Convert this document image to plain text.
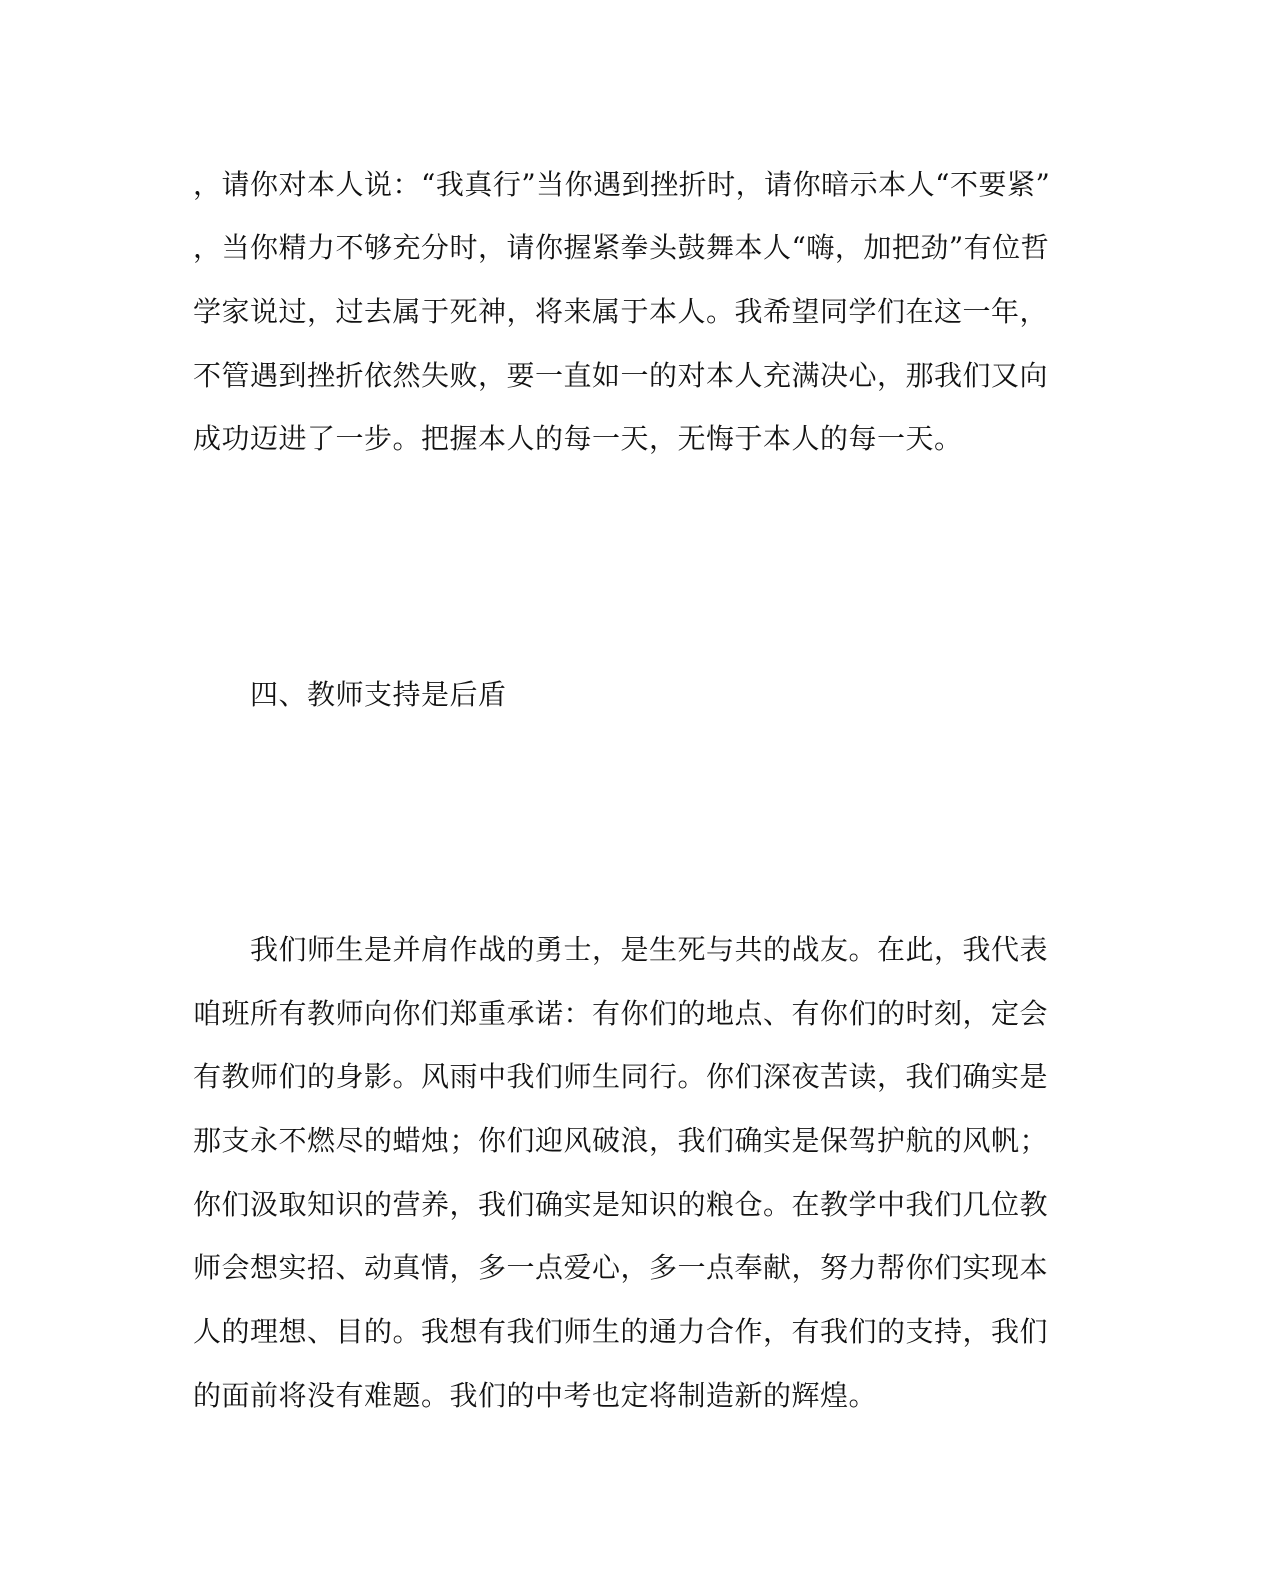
，请你对本人说：“我真行”当你遇到挫折时，请你暗示本人“不要紧”
，当你精力不够充分时，请你握紧拳头鼓舞本人“嗨，加把劲”有位哲
学家说过，过去属于死神，将来属于本人。我希望同学们在这一年，
不管遇到挫折依然失败，要一直如一的对本人充满决心，那我们又向
成功迈进了一步。把握本人的每一天，无悔于本人的每一天。
四、教师支持是后盾
我们师生是并肩作战的勇士，是生死与共的战友。在此，我代表
咱班所有教师向你们郑重承诺：有你们的地点、有你们的时刻，定会
有教师们的身影。风雨中我们师生同行。你们深夜苦读，我们确实是
那支永不燃尽的蜡烛；你们迎风破浪，我们确实是保驾护航的风帆；
你们汲取知识的营养，我们确实是知识的粮仓。在教学中我们几位教
师会想实招、动真情，多一点爱心，多一点奉献，努力帮你们实现本
人的理想、目的。我想有我们师生的通力合作，有我们的支持，我们
的面前将没有难题。我们的中考也定将制造新的辉煌。
